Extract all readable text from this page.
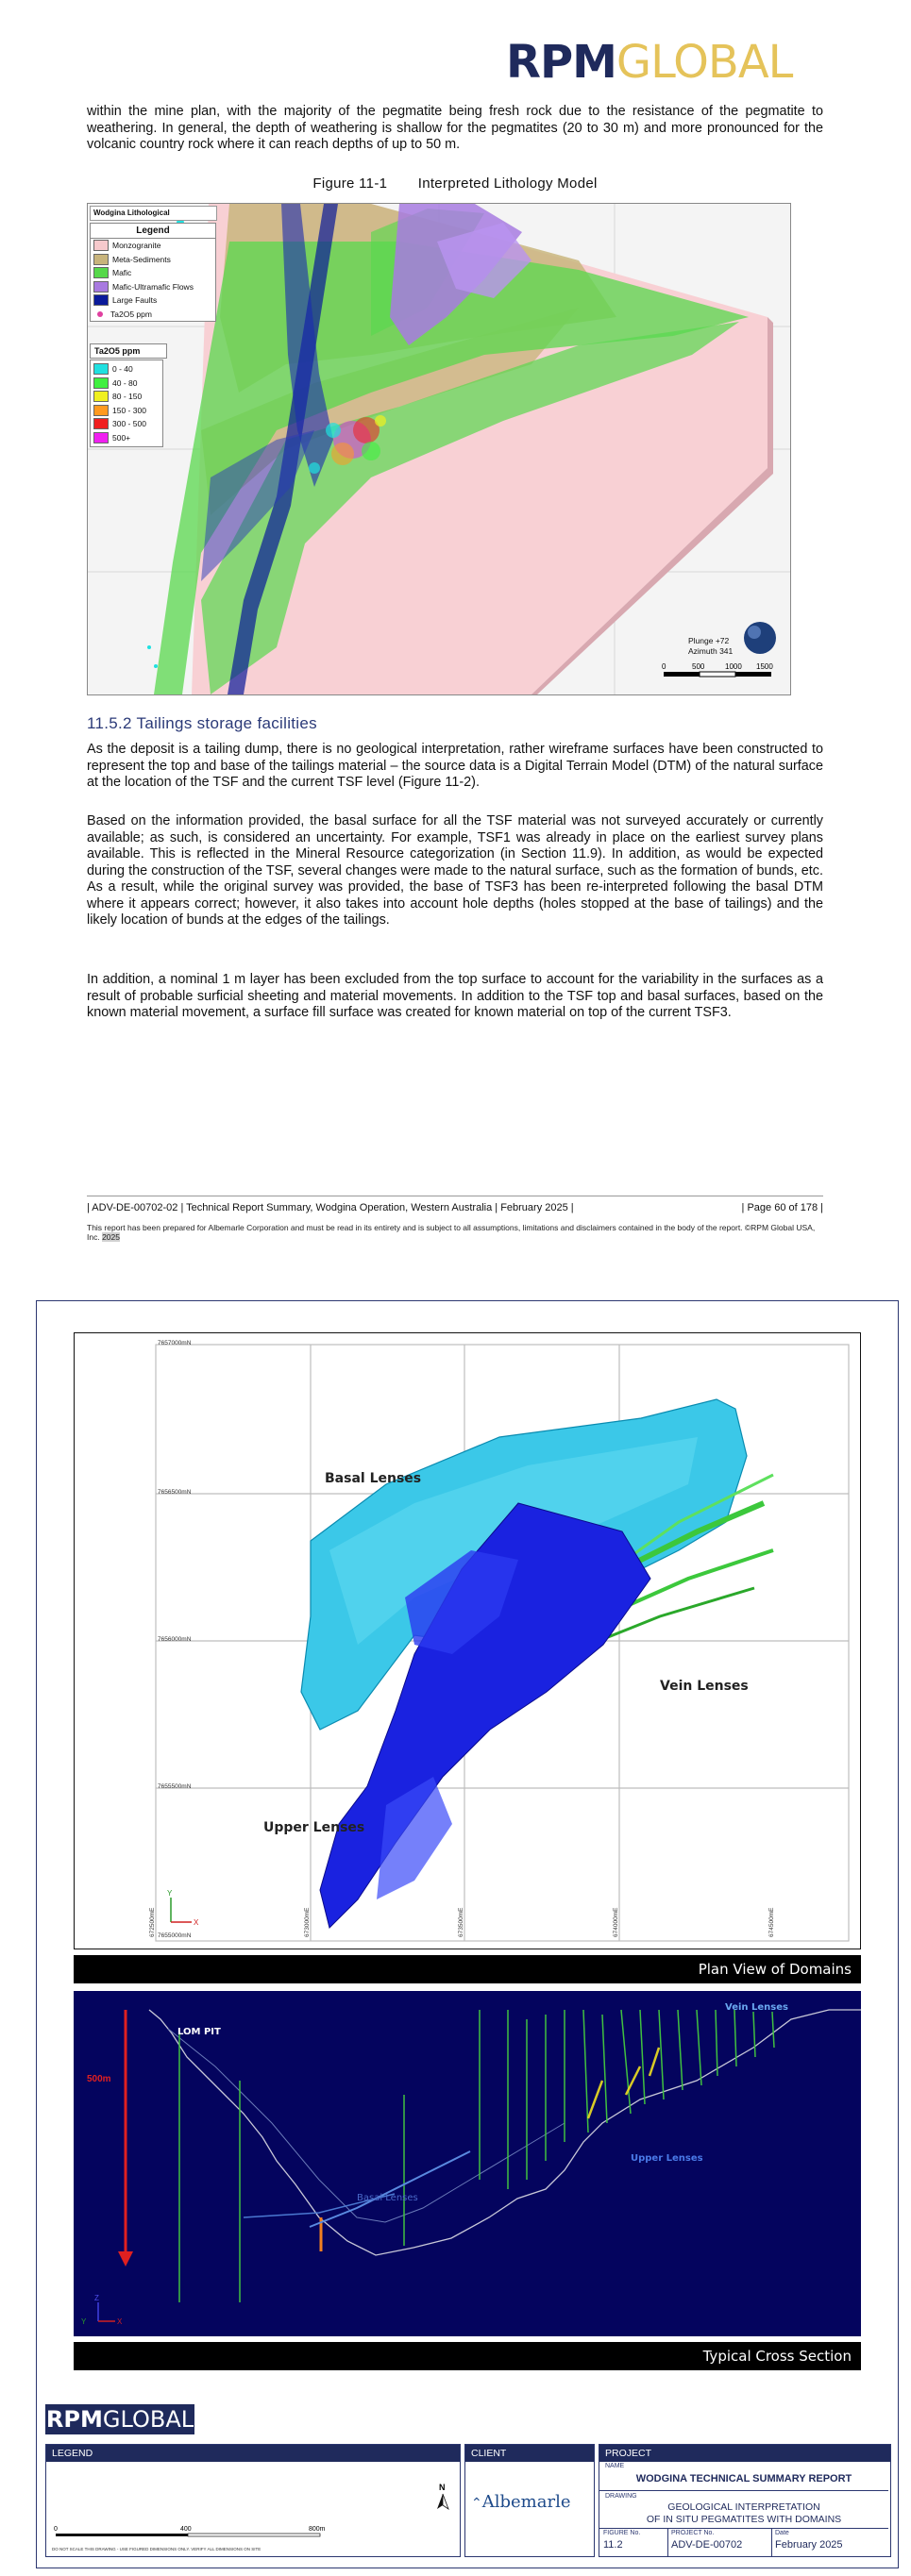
RPMGLOBAL
within the mine plan, with the majority of the pegmatite being fresh rock due to the resistance of the pegmatite to weathering. In general, the depth of weathering is shallow for the pegmatites (20 to 30 m) and more pronounced for the volcanic country rock where it can reach depths of up to 50 m.
Figure 11-1 Interpreted Lithology Model
0	500	1000 1500
Wodgina Lithological
Legend
Monzogranite
Meta-Sediments
Mafic
Mafic-Ultramafic Flows
Large Faults
Ta2O5 ppm
Ta2O5 ppm
0 - 40
40 - 80
80 - 150
150 - 300
300 - 500
500+
Plunge +72
Azimuth 341
11.5.2 Tailings storage facilities
As the deposit is a tailing dump, there is no geological interpretation, rather wireframe surfaces have been constructed to represent the top and base of the tailings material – the source data is a Digital Terrain Model (DTM) of the natural surface at the location of the TSF and the current TSF level (Figure 11-2).
Based on the information provided, the basal surface for all the TSF material was not surveyed accurately or currently available; as such, is considered an uncertainty. For example, TSF1 was already in place on the earliest survey plans available. This is reflected in the Mineral Resource categorization (in Section 11.9). In addition, as would be expected during the construction of the TSF, several changes were made to the natural surface, such as the formation of bunds, etc. As a result, while the original survey was provided, the base of TSF3 has been re-interpreted following the basal DTM where it appears correct; however, it also takes into account hole depths (holes stopped at the base of tailings) and the likely location of bunds at the edges of the tailings.
In addition, a nominal 1 m layer has been excluded from the top surface to account for the variability in the surfaces as a result of probable surficial sheeting and material movements. In addition to the TSF top and basal surfaces, based on the known material movement, a surface fill surface was created for known material on top of the current TSF3.
| ADV-DE-00702-02 | Technical Report Summary, Wodgina Operation, Western Australia | February 2025 |	| Page 60 of 178 |
This report has been prepared for Albemarle Corporation and must be read in its entirety and is subject to all assumptions, limitations and disclaimers contained in the body of the report. ©RPM Global USA, Inc. 2025
7657000mN
7656500mN
7656000mN
7655500mN
7655000mN
672500mE	673000mE	673500mE	674000mE	674500mE
Basal Lenses
Vein Lenses
Upper Lenses
Y
X
Plan View of Domains
500m
LOM PIT
Vein Lenses
Upper Lenses
Basal Lenses
Z
Y	X
Typical Cross Section
RPMGLOBAL
LEGEND
N
0	400	800m
DO NOT SCALE THIS DRAWING - USE FIGURED DIMENSIONS ONLY. VERIFY ALL DIMENSIONS ON SITE
CLIENT
⌃Albemarle
PROJECT
NAME
WODGINA TECHNICAL SUMMARY REPORT
DRAWING
GEOLOGICAL INTERPRETATION
OF IN SITU PEGMATITES WITH DOMAINS
FIGURE No.
11.2
PROJECT No.
ADV-DE-00702
Date
February 2025
